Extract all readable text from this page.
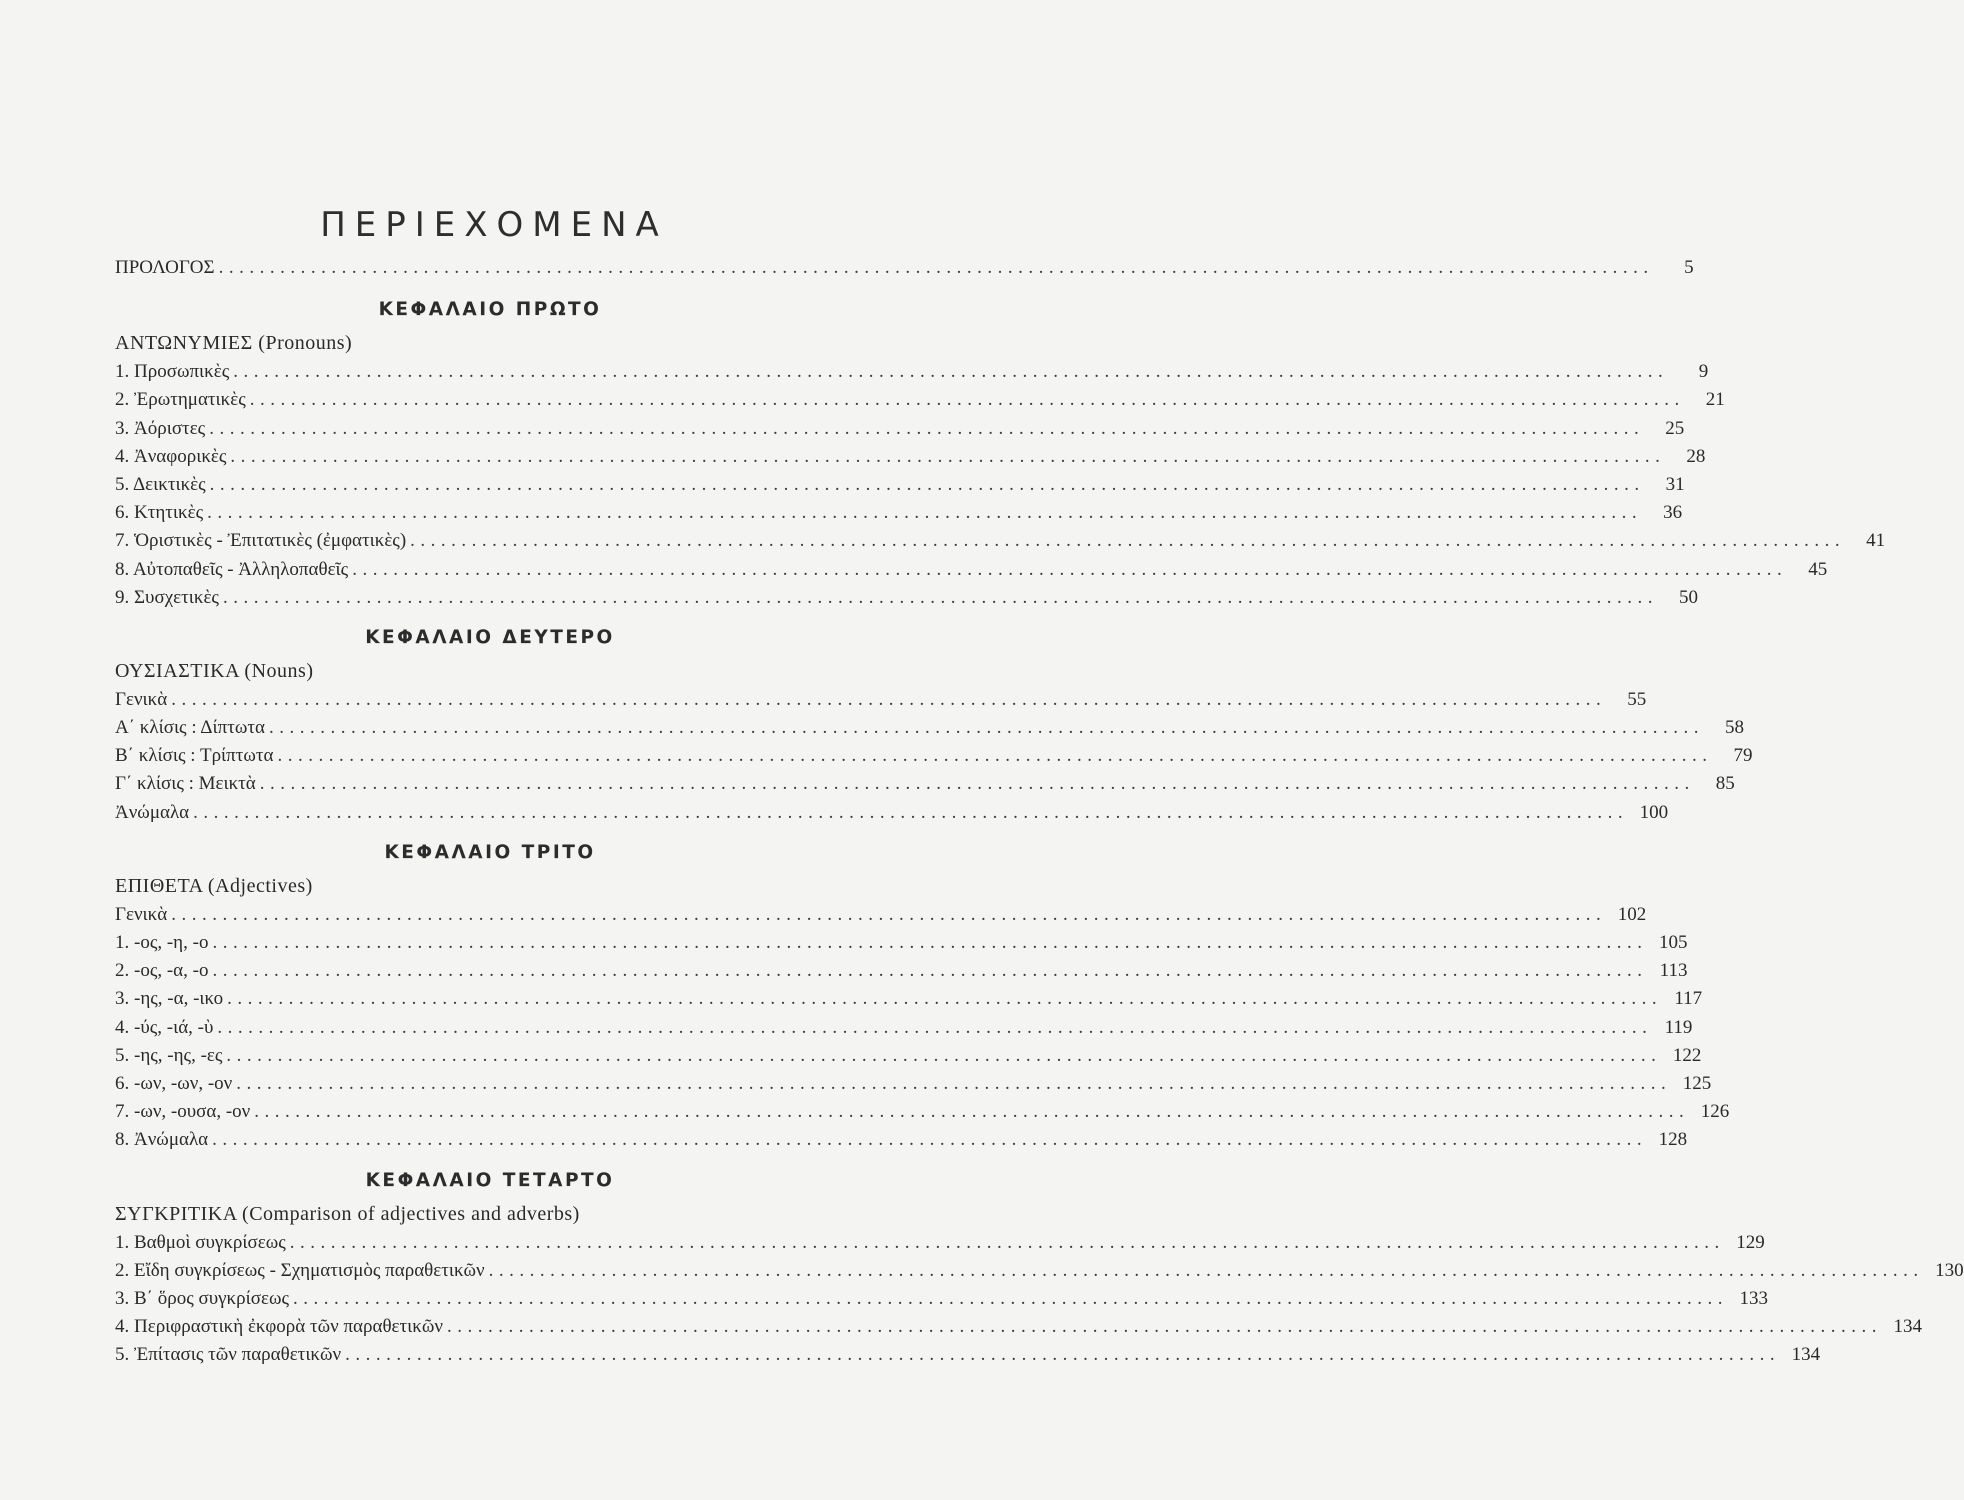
ΠΕΡΙΕΧΟΜΕΝΑ
ΠΡΟΛΟΓΟΣ ............................................................................................................................................	5
ΚΕΦΑΛΑΙΟ ΠΡΩΤΟ
ΑΝΤΩΝΥΜΙΕΣ (Pronouns)
1. Προσωπικὲς ............................................................................................................................................	9
2. Ἐρωτηματικὲς ............................................................................................................................................	21
3. Ἀόριστες ............................................................................................................................................	25
4. Ἀναφορικὲς ............................................................................................................................................	28
5. Δεικτικὲς ............................................................................................................................................	31
6. Κτητικὲς ............................................................................................................................................	36
7. Ὁριστικὲς - Ἐπιτατικὲς (ἐμφατικὲς) ............................................................................................................................................	41
8. Αὐτοπαθεῖς - Ἀλληλοπαθεῖς ............................................................................................................................................	45
9. Συσχετικὲς ............................................................................................................................................	50
ΚΕΦΑΛΑΙΟ ΔΕΥΤΕΡΟ
ΟΥΣΙΑΣΤΙΚΑ (Nouns)
Γενικὰ ............................................................................................................................................	55
Α΄ κλίσις : Δίπτωτα ............................................................................................................................................	58
Β΄ κλίσις : Τρίπτωτα ............................................................................................................................................	79
Γ΄ κλίσις : Μεικτὰ ............................................................................................................................................	85
Ἀνώμαλα ............................................................................................................................................ 100
ΚΕΦΑΛΑΙΟ ΤΡΙΤΟ
ΕΠΙΘΕΤΑ (Adjectives)
Γενικὰ ............................................................................................................................................ 102
1. -ος, -η, -ο ............................................................................................................................................ 105
2. -ος, -α, -ο ............................................................................................................................................ 113
3. -ης, -α, -ικο ............................................................................................................................................ 117
4. -ύς, -ιά, -ὺ ............................................................................................................................................ 119
5. -ης, -ης, -ες ............................................................................................................................................ 122
6. -ων, -ων, -ον ............................................................................................................................................ 125
7. -ων, -ουσα, -ον ............................................................................................................................................ 126
8. Ἀνώμαλα ............................................................................................................................................ 128
ΚΕΦΑΛΑΙΟ ΤΕΤΑΡΤΟ
ΣΥΓΚΡΙΤΙΚΑ (Comparison of adjectives and adverbs)
1. Βαθμοὶ συγκρίσεως ............................................................................................................................................ 129
2. Εἴδη συγκρίσεως - Σχηματισμὸς παραθετικῶν ............................................................................................................................................ 130
3. Β΄ ὅρος συγκρίσεως ............................................................................................................................................ 133
4. Περιφραστικὴ ἐκφορὰ τῶν παραθετικῶν ............................................................................................................................................ 134
5. Ἐπίτασις τῶν παραθετικῶν ............................................................................................................................................ 134
